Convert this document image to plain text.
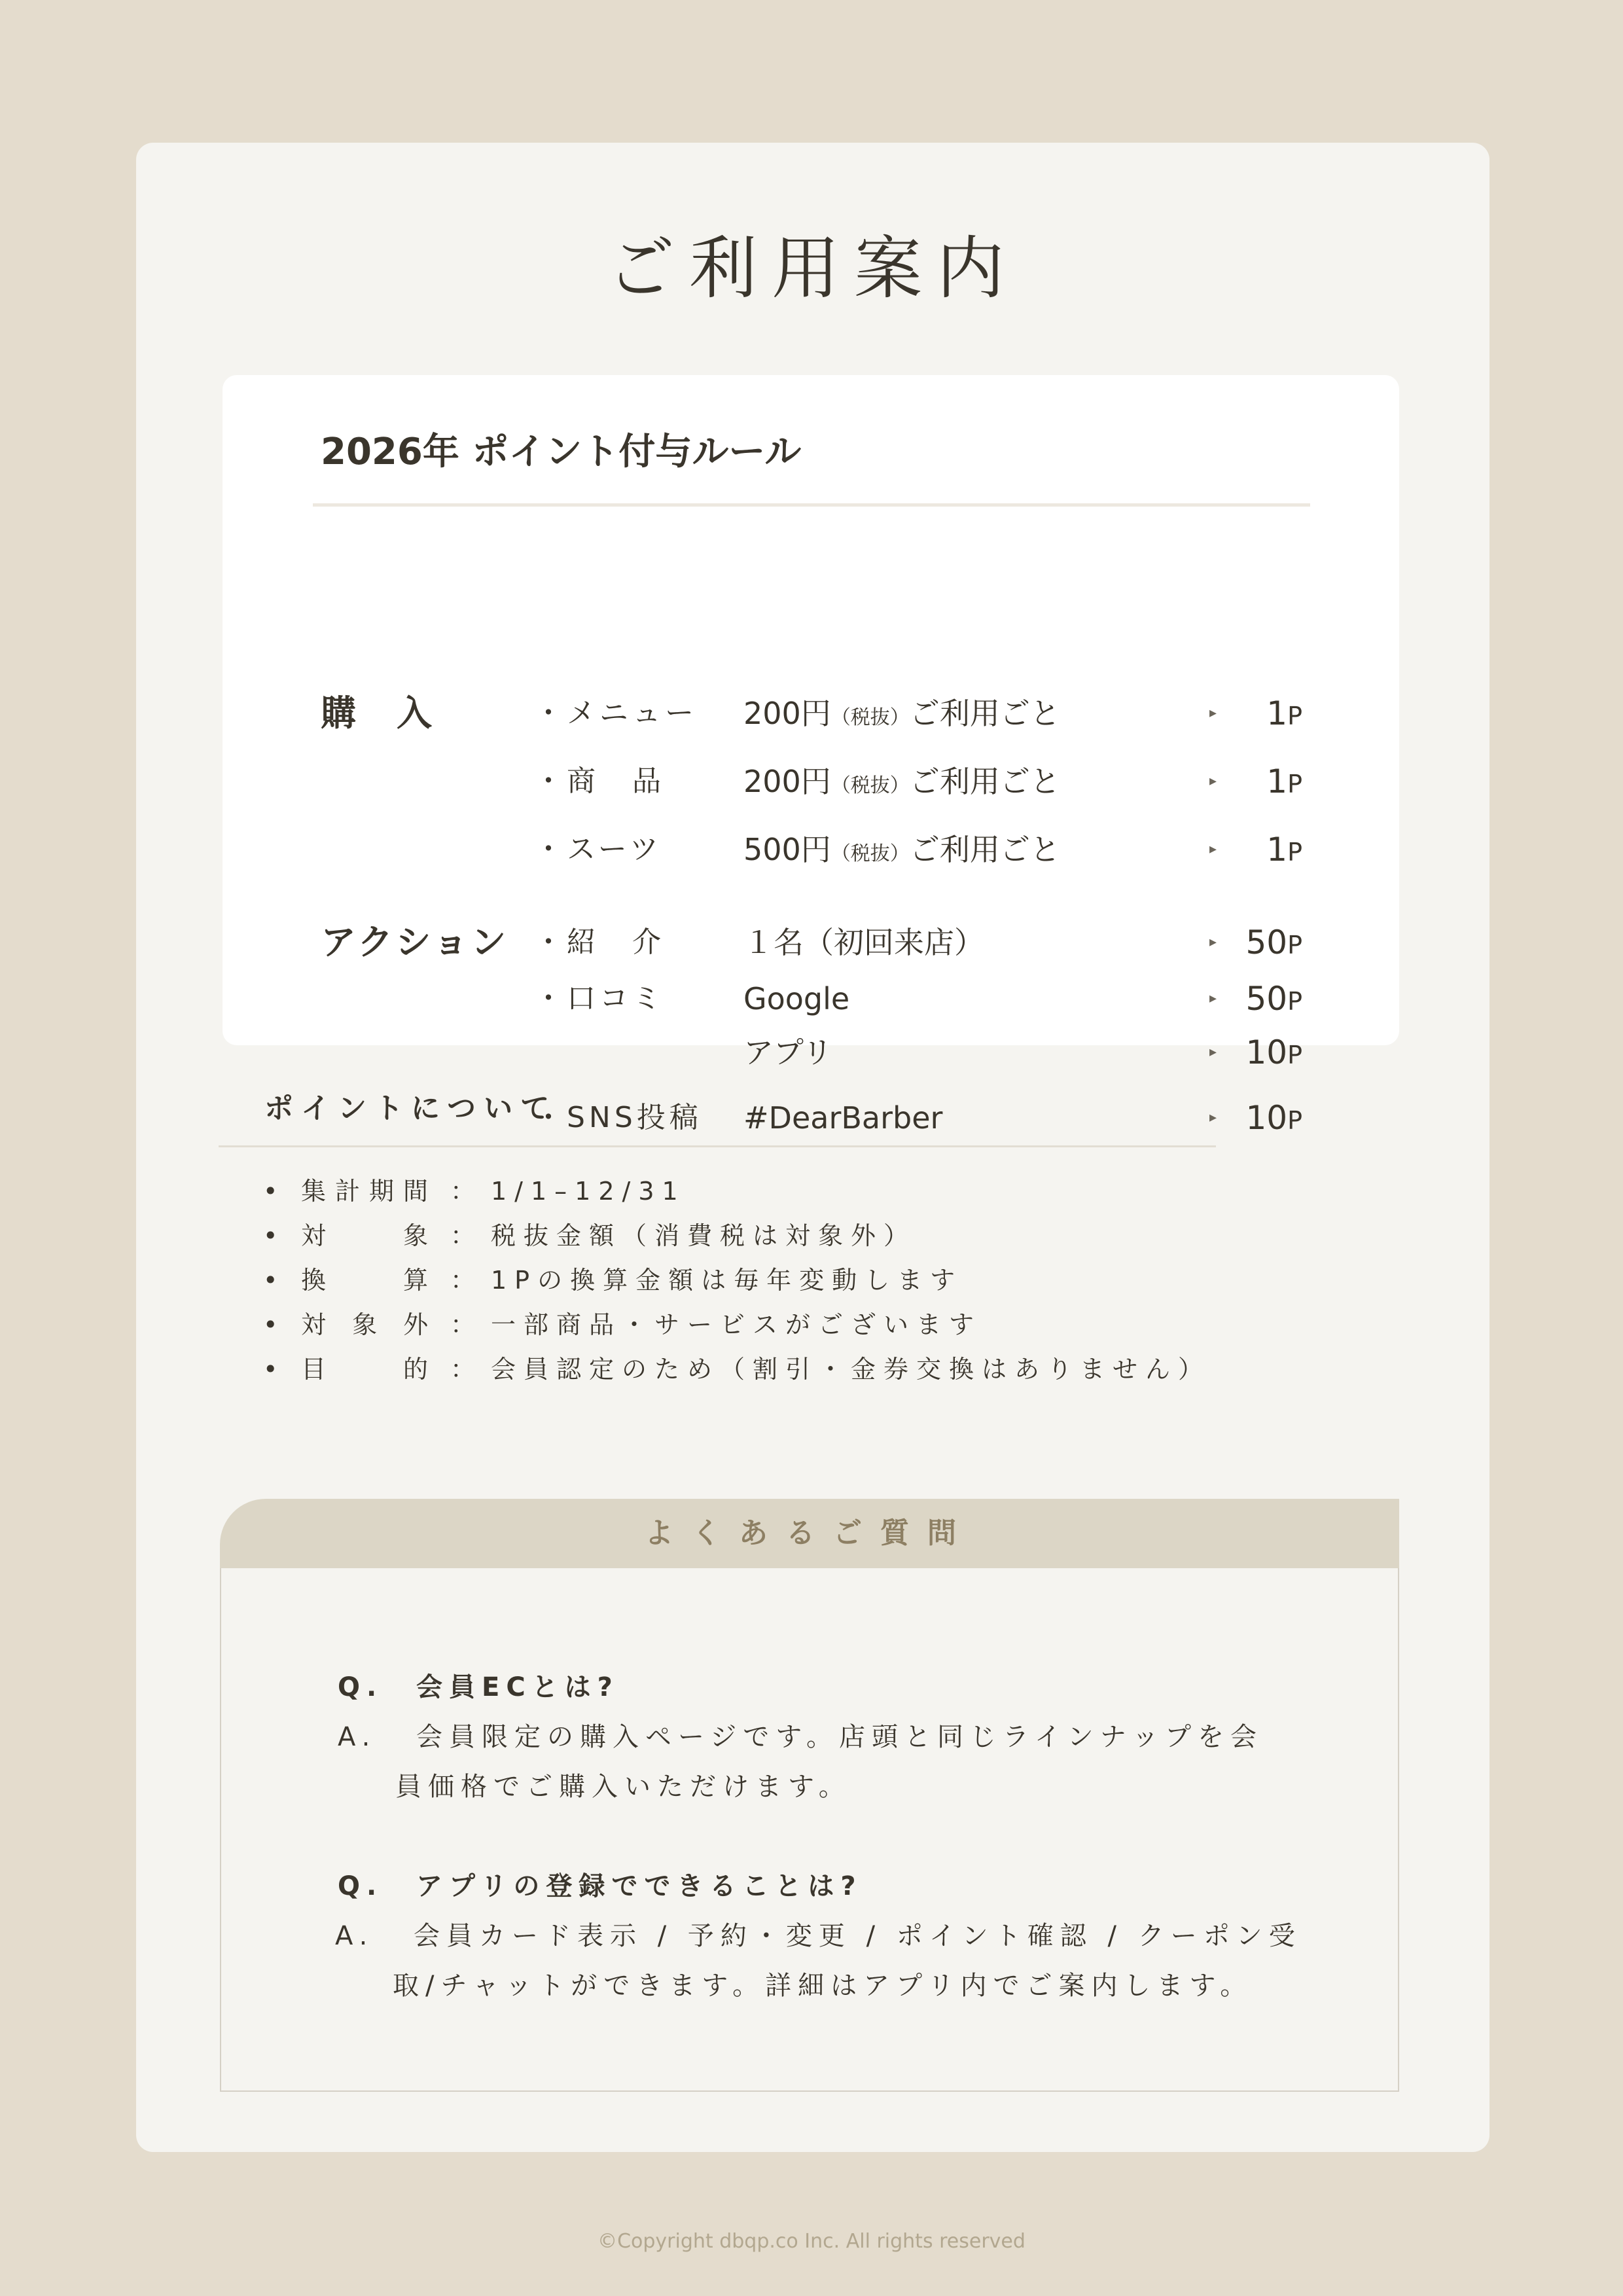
ご利用案内
2026年 ポイント付与ルール
購　入	・メニュー 200円（税抜）ご利用ごと	▸ 1P
・商　品	200円（税抜）ご利用ごと	▸ 1P
・スーツ	500円（税抜）ご利用ごと	▸ 1P
アクション ・紹　介	１名（初回来店）	▸ 50P
・口コミ	Google	▸ 50P
アプリ	▸ 10P
・SNS投稿 #DearBarber	▸ 10P
ポイントについて
• 集計期間 ： 1/1–12/31
• 対　　象 ： 税抜金額（消費税は対象外）
• 換　　算 ： 1Pの換算金額は毎年変動します
• 対 象 外 ： 一部商品・サービスがございます
• 目　　的 ： 会員認定のため（割引・金券交換はありません）
よくあるご質問
Q. 会員ECとは?
A. 会員限定の購入ページです。店頭と同じラインナップを会
員価格でご購入いただけます。
Q. アプリの登録でできることは?
A. 会員カード表示 / 予約・変更 / ポイント確認 / クーポン受
取/チャットができます。詳細はアプリ内でご案内します。
©Copyright dbqp.co Inc. All rights reserved
